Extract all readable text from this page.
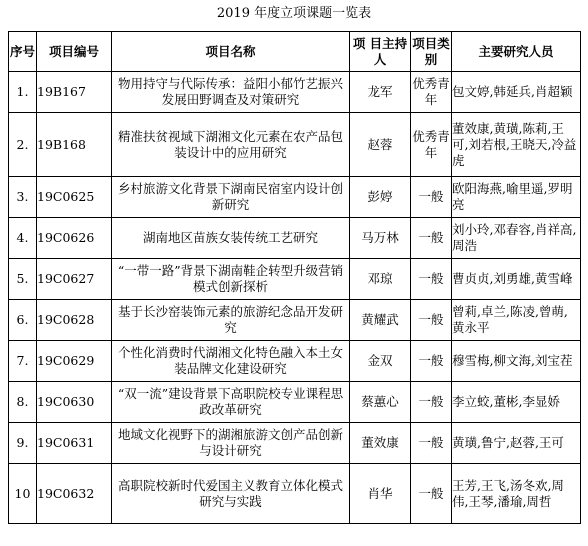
2019 年度立项课题一览表
序号	项目编号	项目名称	项 目主持人	项目类别	主要研究人员
1.	19B167	物用持守与代际传承：益阳小郁竹艺振兴发展田野调查及对策研究	龙军	优秀青年	包文婷,韩延兵,肖超颖
2.	19B168	精准扶贫视域下湖湘文化元素在农产品包装设计中的应用研究	赵蓉	优秀青年	董效康,黄璜,陈莉,王可,刘若根,王晓天,冷益虎
3.	19C0625	乡村旅游文化背景下湖南民宿室内设计创新研究	彭婷	一般	欧阳海燕,喻里遥,罗明亮
4.	19C0626	湖南地区苗族女装传统工艺研究	马万林	一般	刘小玲,邓春容,肖祥高,周浩
5.	19C0627	“一带一路”背景下湖南鞋企转型升级营销模式创新探析	邓琼	一般	曹贞贞,刘勇雄,黄雪峰
6.	19C0628	基于长沙窑装饰元素的旅游纪念品开发研究	黄耀武	一般	曾莉,卓兰,陈凌,曾萌,黄永平
7.	19C0629	个性化消费时代湖湘文化特色融入本土女装品牌文化建设研究	金双	一般	穆雪梅,柳文海,刘宝茬
8.	19C0630	“双一流”建设背景下高职院校专业课程思政改革研究	蔡蕙心	一般	李立蛟,董彬,李显娇
9.	19C0631	地域文化视野下的湖湘旅游文创产品创新与设计研究	董效康	一般	黄璜,鲁宁,赵蓉,王可
10	19C0632	高职院校新时代爱国主义教育立体化模式研究与实践	肖华	一般	王芳,王飞,汤冬欢,周伟,王琴,潘瑜,周哲
